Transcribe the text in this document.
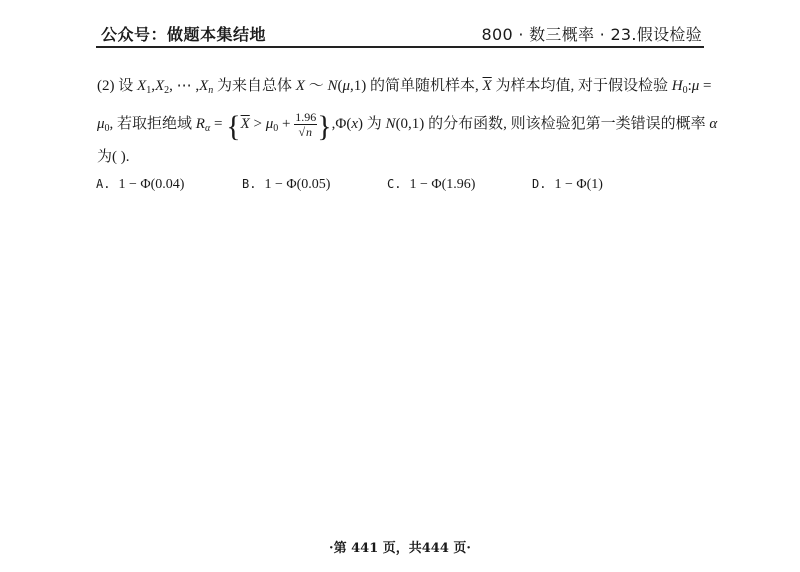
公众号：做题本集结地	800 · 数三概率 · 23.假设检验
(2) 设 $X_1,X_2$, ⋯ $,X_n$ 为来自总体 X ～ N(μ,1) 的简单随机样本, $\overline{X}$ 为样本均值, 对于假设检验 $H_0:\mu$ =
$\mu_0$, 若取拒绝域 $R_\alpha = \{\overline{X} > \mu_0 + \frac{1.96}{√n} \},\Phi(x)$ 为 N(0,1) 的分布函数, 则该检验犯第一类错误的概率 α
为( ).
A. 1 − Φ(0.04)	B. 1 − Φ(0.05)	C. 1 − Φ(1.96)	D. 1 − Φ(1)
·第 441 页，共444 页·
